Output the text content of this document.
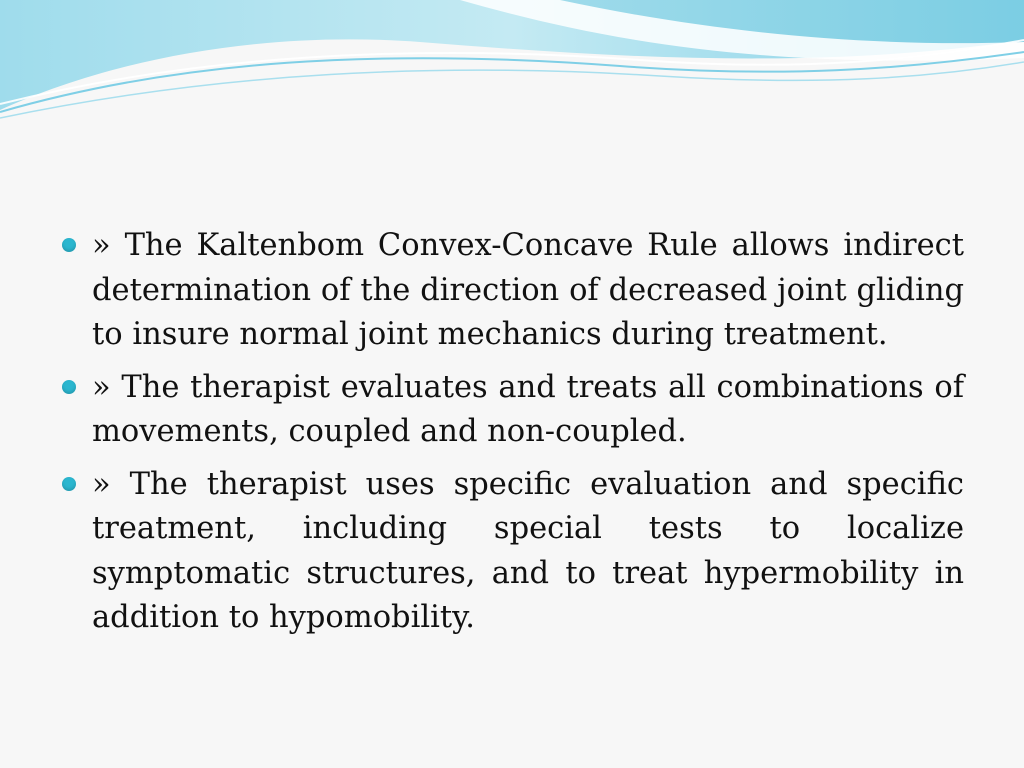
» The Kaltenbom Convex-Concave Rule allows indirect determination of the direction of decreased joint gliding to insure normal joint mechanics during treatment.
» The therapist evaluates and treats all combinations of movements, coupled and non-coupled.
» The therapist uses specific evaluation and specific treatment, including special tests to localize symptomatic structures, and to treat hypermobility in addition to hypomobility.
